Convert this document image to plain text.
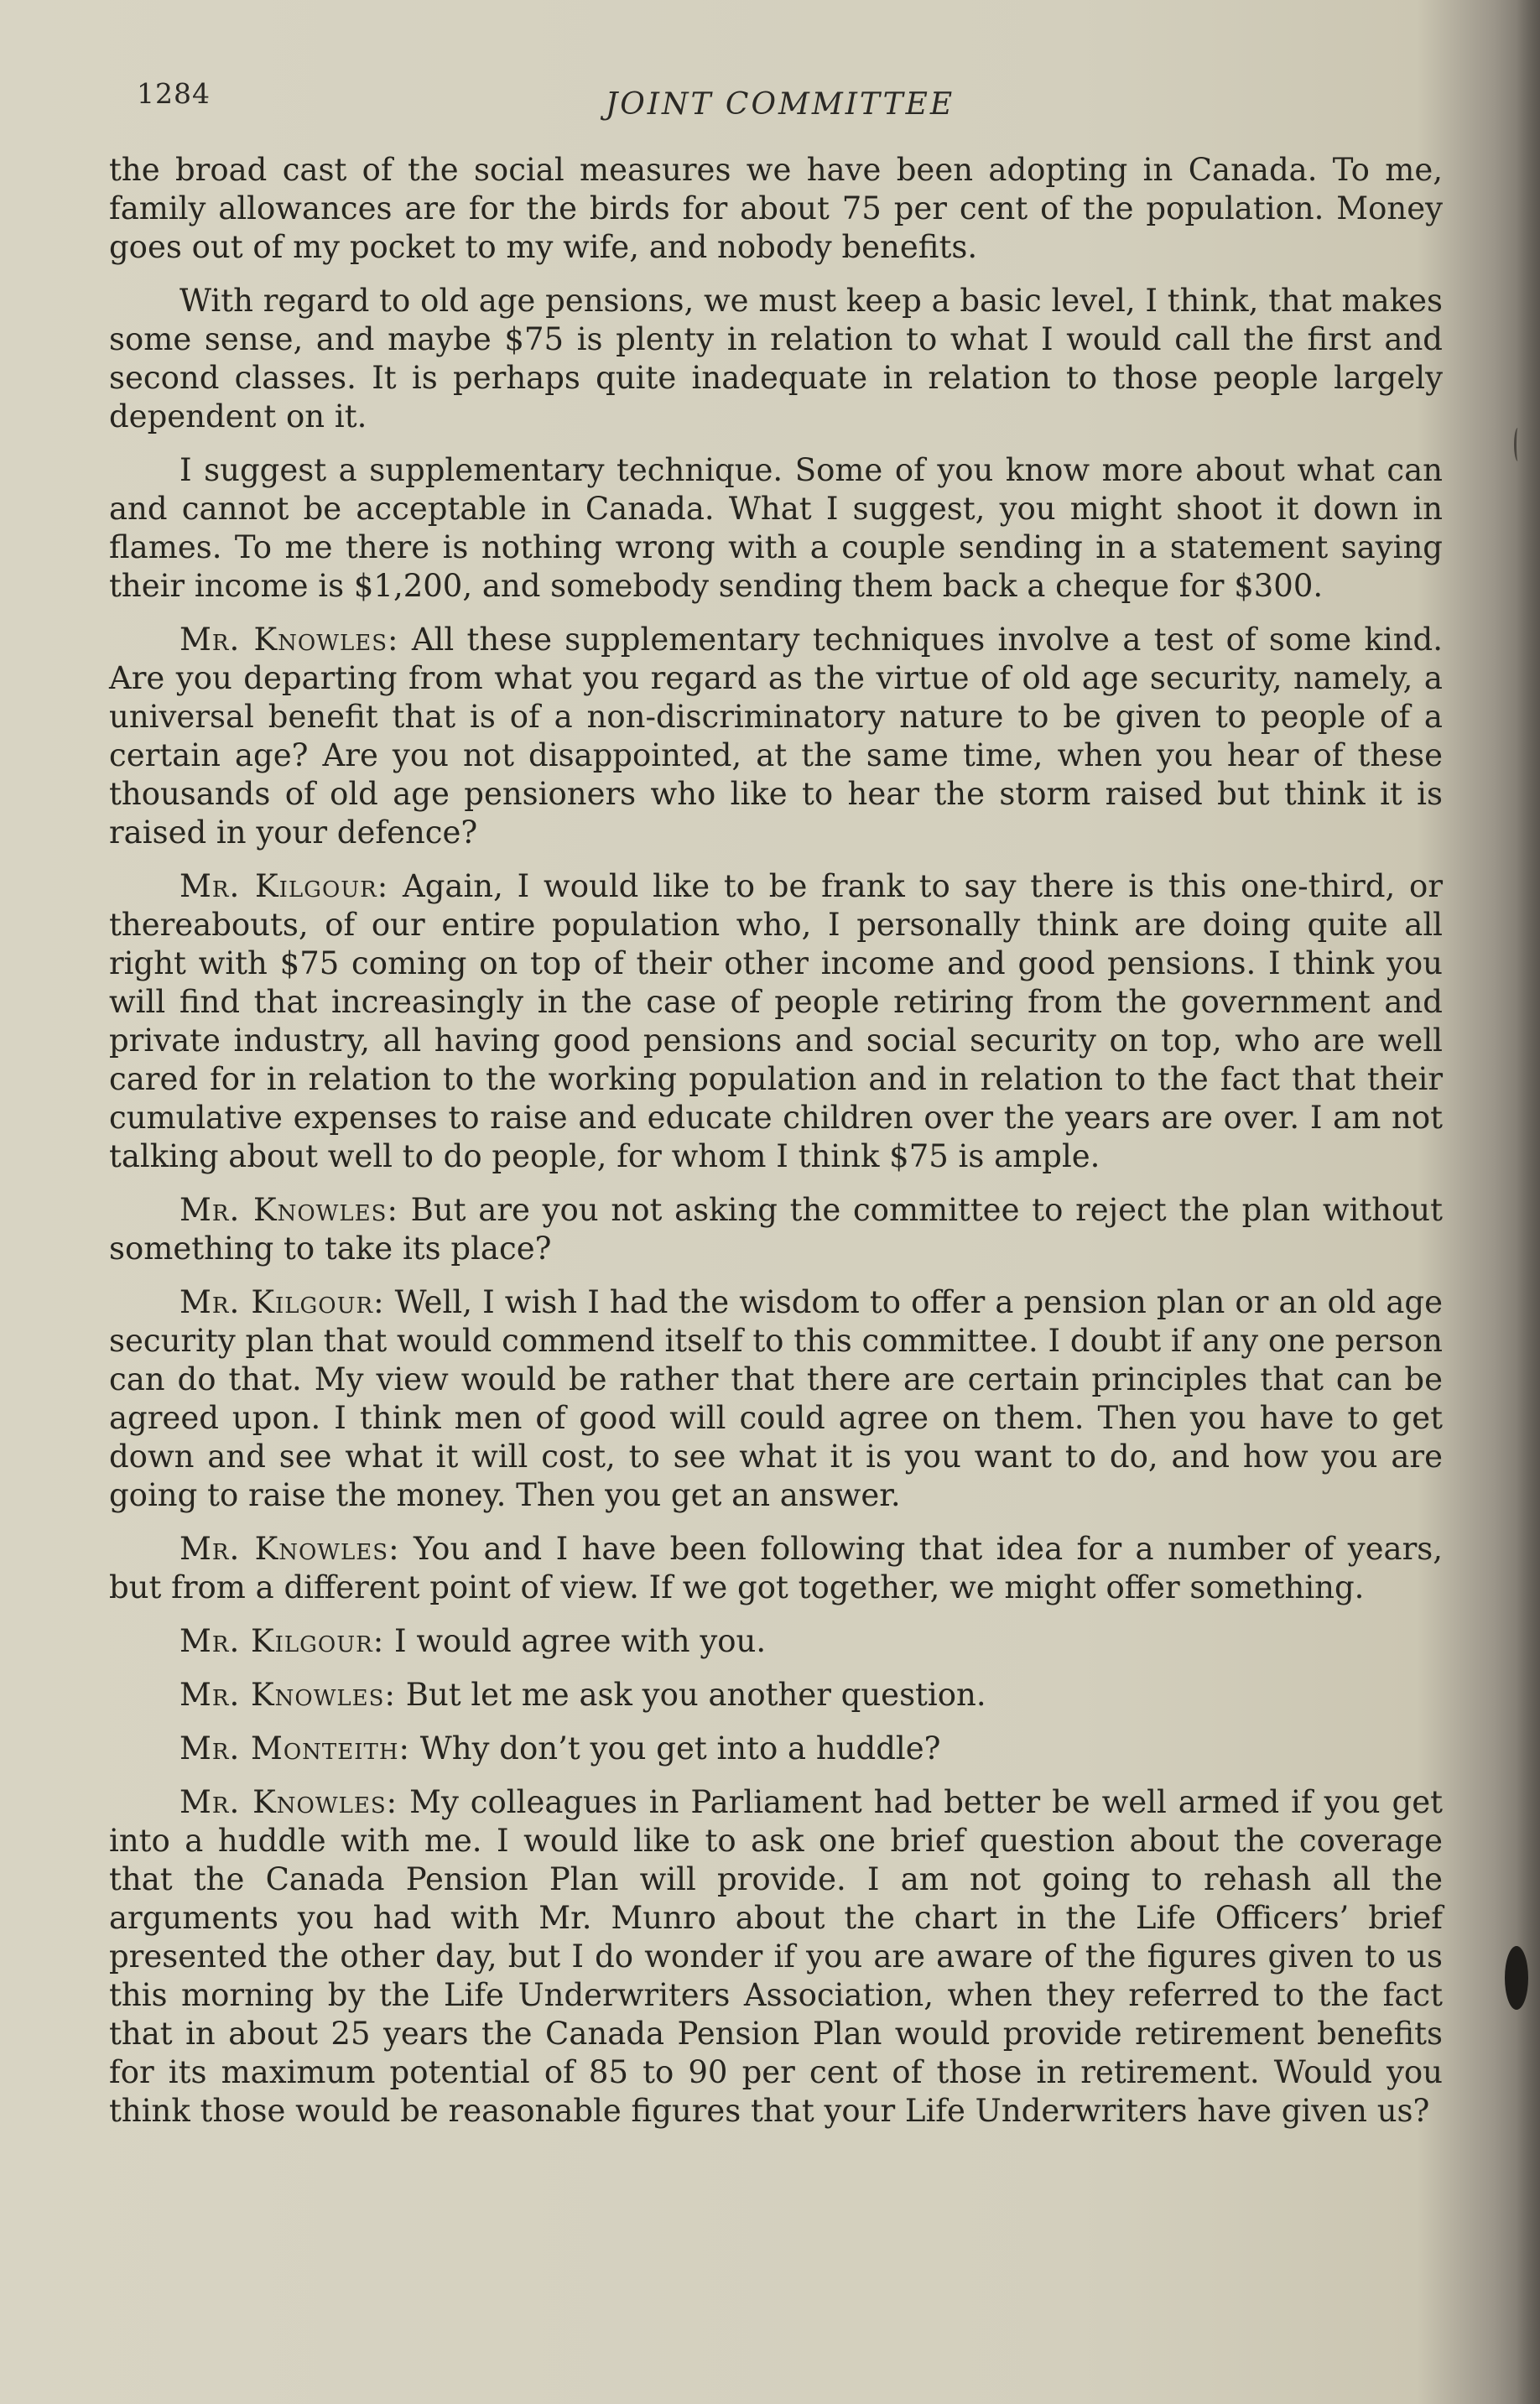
1284	JOINT COMMITTEE

the broad cast of the social measures we have been adopting in Canada. To me, family allowances are for the birds for about 75 per cent of the population. Money goes out of my pocket to my wife, and nobody benefits.

With regard to old age pensions, we must keep a basic level, I think, that makes some sense, and maybe $75 is plenty in relation to what I would call the first and second classes. It is perhaps quite inadequate in relation to those people largely dependent on it.

I suggest a supplementary technique. Some of you know more about what can and cannot be acceptable in Canada. What I suggest, you might shoot it down in flames. To me there is nothing wrong with a couple sending in a statement saying their income is $1,200, and somebody sending them back a cheque for $300.

Mr. Knowles: All these supplementary techniques involve a test of some kind. Are you departing from what you regard as the virtue of old age security, namely, a universal benefit that is of a non-discriminatory nature to be given to people of a certain age? Are you not disappointed, at the same time, when you hear of these thousands of old age pensioners who like to hear the storm raised but think it is raised in your defence?

Mr. Kilgour: Again, I would like to be frank to say there is this one-third, or thereabouts, of our entire population who, I personally think are doing quite all right with $75 coming on top of their other income and good pensions. I think you will find that increasingly in the case of people retiring from the government and private industry, all having good pensions and social security on top, who are well cared for in relation to the working population and in relation to the fact that their cumulative expenses to raise and educate children over the years are over. I am not talking about well to do people, for whom I think $75 is ample.

Mr. Knowles: But are you not asking the committee to reject the plan without something to take its place?

Mr. Kilgour: Well, I wish I had the wisdom to offer a pension plan or an old age security plan that would commend itself to this committee. I doubt if any one person can do that. My view would be rather that there are certain principles that can be agreed upon. I think men of good will could agree on them. Then you have to get down and see what it will cost, to see what it is you want to do, and how you are going to raise the money. Then you get an answer.

Mr. Knowles: You and I have been following that idea for a number of years, but from a different point of view. If we got together, we might offer something.

Mr. Kilgour: I would agree with you.

Mr. Knowles: But let me ask you another question.

Mr. Monteith: Why don’t you get into a huddle?

Mr. Knowles: My colleagues in Parliament had better be well armed if you get into a huddle with me. I would like to ask one brief question about the coverage that the Canada Pension Plan will provide. I am not going to rehash all the arguments you had with Mr. Munro about the chart in the Life Officers’ brief presented the other day, but I do wonder if you are aware of the figures given to us this morning by the Life Underwriters Association, when they referred to the fact that in about 25 years the Canada Pension Plan would provide retirement benefits for its maximum potential of 85 to 90 per cent of those in retirement. Would you think those would be reasonable figures that your Life Underwriters have given us?
